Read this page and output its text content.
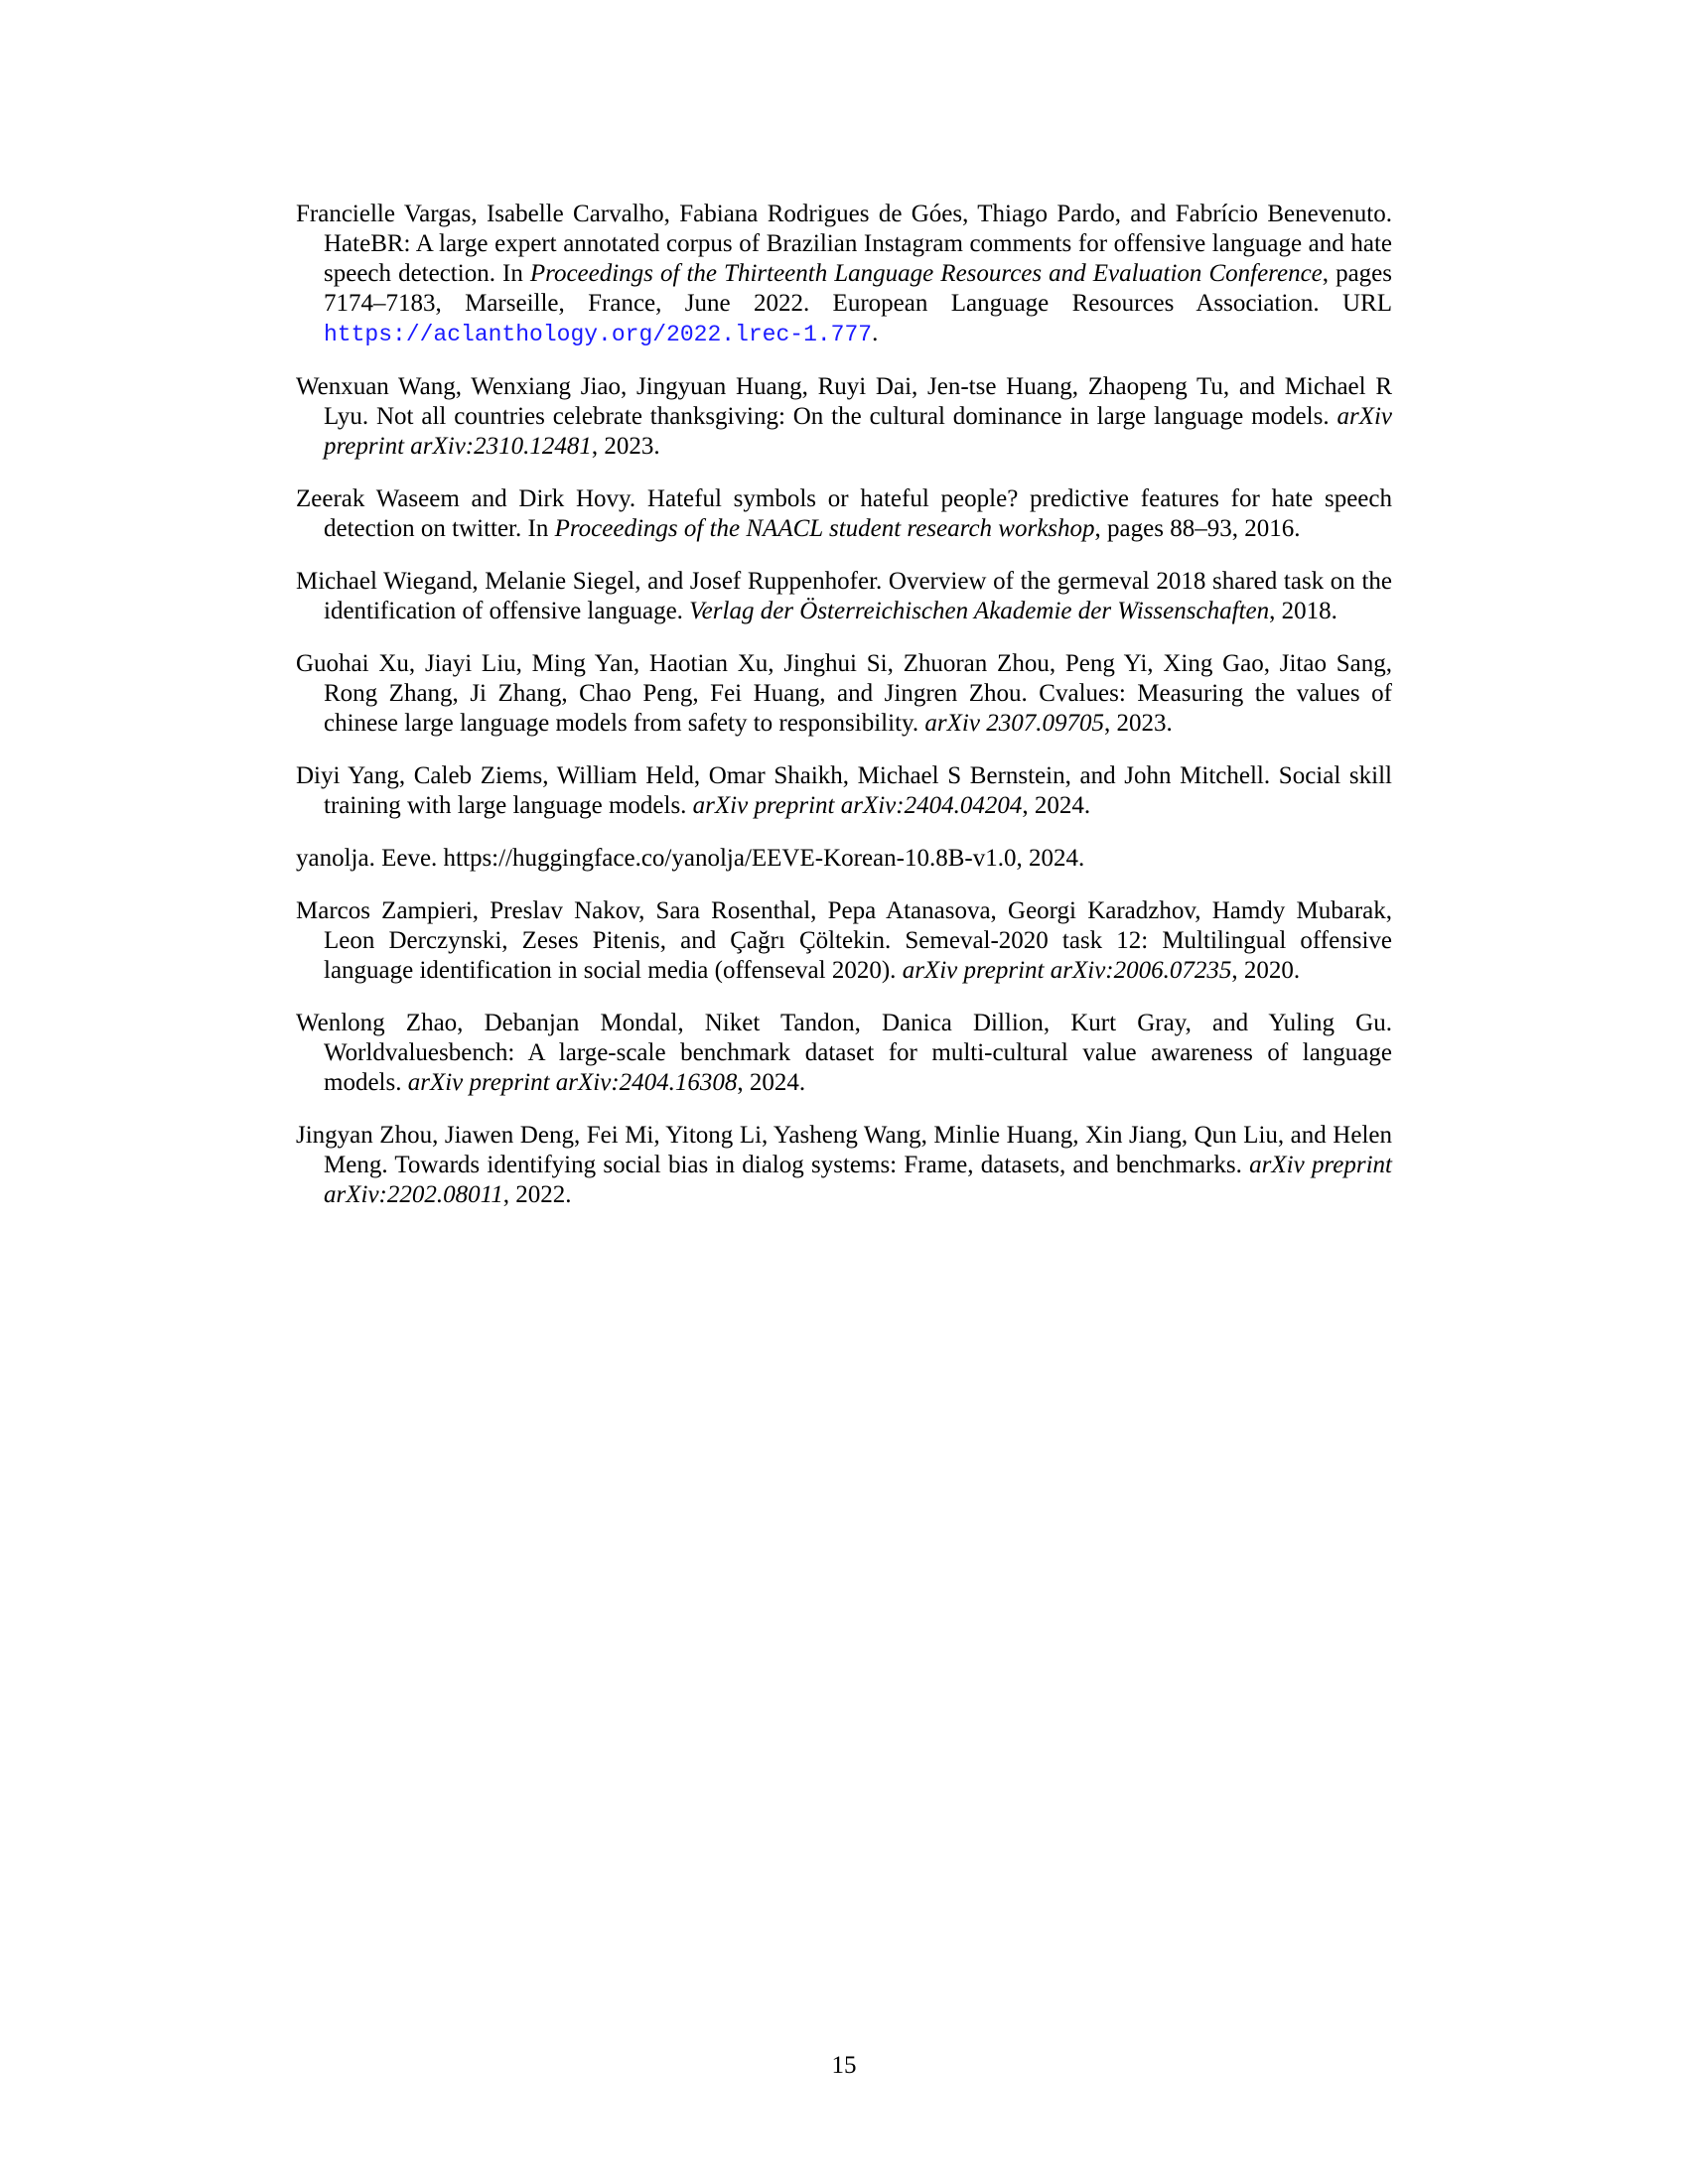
Francielle Vargas, Isabelle Carvalho, Fabiana Rodrigues de Góes, Thiago Pardo, and Fabrício Benevenuto. HateBR: A large expert annotated corpus of Brazilian Instagram comments for offensive language and hate speech detection. In Proceedings of the Thirteenth Language Resources and Evaluation Conference, pages 7174–7183, Marseille, France, June 2022. European Language Resources Association. URL https://aclanthology.org/2022.lrec-1.777.

Wenxuan Wang, Wenxiang Jiao, Jingyuan Huang, Ruyi Dai, Jen-tse Huang, Zhaopeng Tu, and Michael R Lyu. Not all countries celebrate thanksgiving: On the cultural dominance in large language models. arXiv preprint arXiv:2310.12481, 2023.

Zeerak Waseem and Dirk Hovy. Hateful symbols or hateful people? predictive features for hate speech detection on twitter. In Proceedings of the NAACL student research workshop, pages 88–93, 2016.

Michael Wiegand, Melanie Siegel, and Josef Ruppenhofer. Overview of the germeval 2018 shared task on the identification of offensive language. Verlag der Österreichischen Akademie der Wissenschaften, 2018.

Guohai Xu, Jiayi Liu, Ming Yan, Haotian Xu, Jinghui Si, Zhuoran Zhou, Peng Yi, Xing Gao, Jitao Sang, Rong Zhang, Ji Zhang, Chao Peng, Fei Huang, and Jingren Zhou. Cvalues: Measuring the values of chinese large language models from safety to responsibility. arXiv 2307.09705, 2023.

Diyi Yang, Caleb Ziems, William Held, Omar Shaikh, Michael S Bernstein, and John Mitchell. Social skill training with large language models. arXiv preprint arXiv:2404.04204, 2024.

yanolja. Eeve. https://huggingface.co/yanolja/EEVE-Korean-10.8B-v1.0, 2024.

Marcos Zampieri, Preslav Nakov, Sara Rosenthal, Pepa Atanasova, Georgi Karadzhov, Hamdy Mubarak, Leon Derczynski, Zeses Pitenis, and Çağrı Çöltekin. Semeval-2020 task 12: Multilingual offensive language identification in social media (offenseval 2020). arXiv preprint arXiv:2006.07235, 2020.

Wenlong Zhao, Debanjan Mondal, Niket Tandon, Danica Dillion, Kurt Gray, and Yuling Gu. Worldvaluesbench: A large-scale benchmark dataset for multi-cultural value awareness of language models. arXiv preprint arXiv:2404.16308, 2024.

Jingyan Zhou, Jiawen Deng, Fei Mi, Yitong Li, Yasheng Wang, Minlie Huang, Xin Jiang, Qun Liu, and Helen Meng. Towards identifying social bias in dialog systems: Frame, datasets, and benchmarks. arXiv preprint arXiv:2202.08011, 2022.

15
